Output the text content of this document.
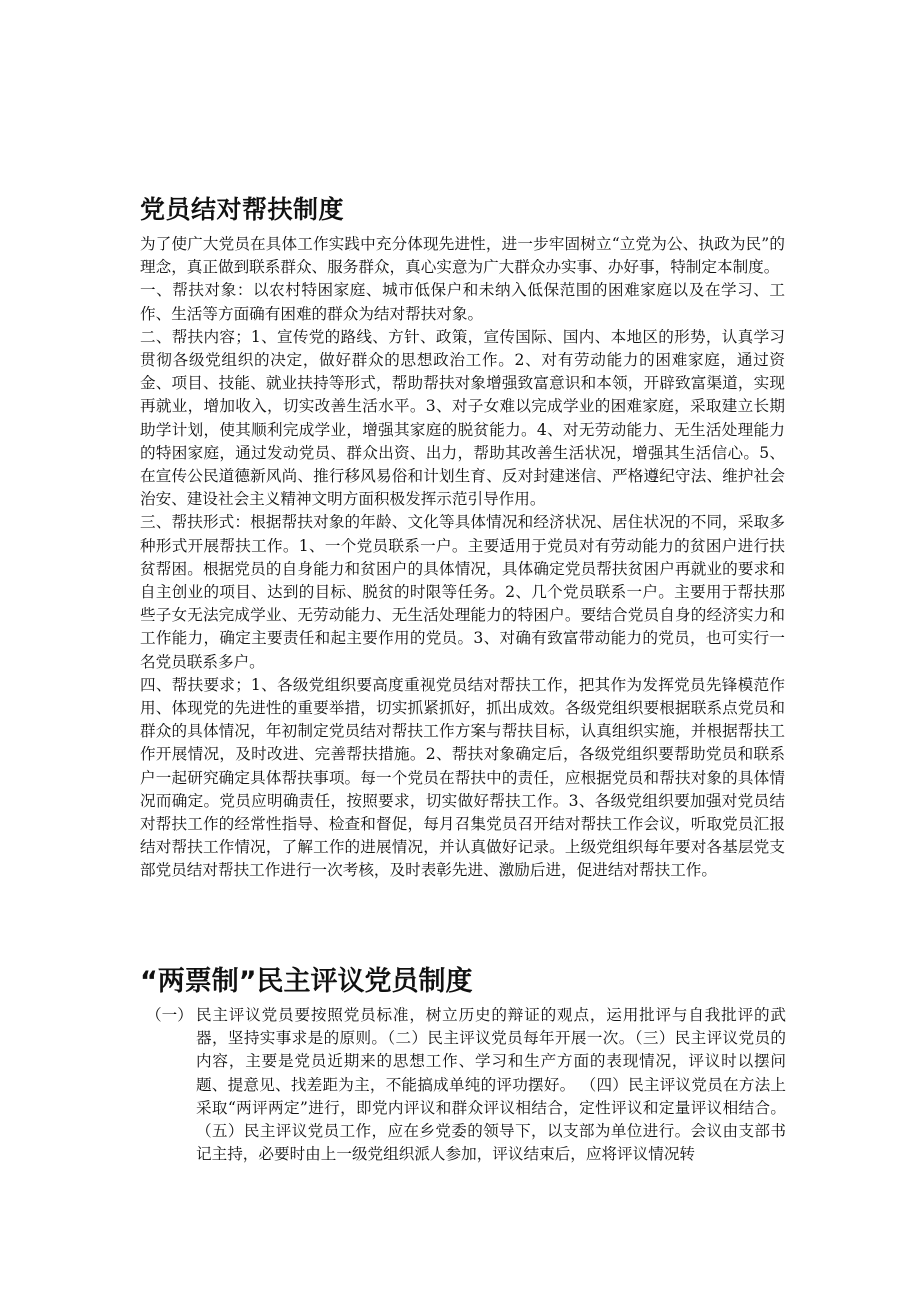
党员结对帮扶制度

为了使广大党员在具体工作实践中充分体现先进性，进一步牢固树立“立党为公、执政为民”的理念，真正做到联系群众、服务群众，真心实意为广大群众办实事、办好事，特制定本制度。

一、帮扶对象：以农村特困家庭、城市低保户和未纳入低保范围的困难家庭以及在学习、工作、生活等方面确有困难的群众为结对帮扶对象。

二、帮扶内容；1、宣传党的路线、方针、政策，宣传国际、国内、本地区的形势，认真学习贯彻各级党组织的决定，做好群众的思想政治工作。2、对有劳动能力的困难家庭，通过资金、项目、技能、就业扶持等形式，帮助帮扶对象增强致富意识和本领，开辟致富渠道，实现再就业，增加收入，切实改善生活水平。3、对子女难以完成学业的困难家庭，采取建立长期助学计划，使其顺利完成学业，增强其家庭的脱贫能力。4、对无劳动能力、无生活处理能力的特困家庭，通过发动党员、群众出资、出力，帮助其改善生活状况，增强其生活信心。5、在宣传公民道德新风尚、推行移风易俗和计划生育、反对封建迷信、严格遵纪守法、维护社会治安、建设社会主义精神文明方面积极发挥示范引导作用。

三、帮扶形式：根据帮扶对象的年龄、文化等具体情况和经济状况、居住状况的不同，采取多种形式开展帮扶工作。1、一个党员联系一户。主要适用于党员对有劳动能力的贫困户进行扶贫帮困。根据党员的自身能力和贫困户的具体情况，具体确定党员帮扶贫困户再就业的要求和自主创业的项目、达到的目标、脱贫的时限等任务。2、几个党员联系一户。主要用于帮扶那些子女无法完成学业、无劳动能力、无生活处理能力的特困户。要结合党员自身的经济实力和工作能力，确定主要责任和起主要作用的党员。3、对确有致富带动能力的党员，也可实行一名党员联系多户。

四、帮扶要求；1、各级党组织要高度重视党员结对帮扶工作，把其作为发挥党员先锋模范作用、体现党的先进性的重要举措，切实抓紧抓好，抓出成效。各级党组织要根据联系点党员和群众的具体情况，年初制定党员结对帮扶工作方案与帮扶目标，认真组织实施，并根据帮扶工作开展情况，及时改进、完善帮扶措施。2、帮扶对象确定后，各级党组织要帮助党员和联系户一起研究确定具体帮扶事项。每一个党员在帮扶中的责任，应根据党员和帮扶对象的具体情况而确定。党员应明确责任，按照要求，切实做好帮扶工作。3、各级党组织要加强对党员结对帮扶工作的经常性指导、检查和督促，每月召集党员召开结对帮扶工作会议，听取党员汇报结对帮扶工作情况，了解工作的进展情况，并认真做好记录。上级党组织每年要对各基层党支部党员结对帮扶工作进行一次考核，及时表彰先进、激励后进，促进结对帮扶工作。

“两票制”民主评议党员制度
（一） 民主评议党员要按照党员标准，树立历史的辩证的观点，运用批评与自我批评的武器，坚持实事求是的原则。（二）民主评议党员每年开展一次。（三）民主评议党员的内容，主要是党员近期来的思想工作、学习和生产方面的表现情况，评议时以摆问题、提意见、找差距为主，不能搞成单纯的评功摆好。 （四）民主评议党员在方法上采取“两评两定”进行，即党内评议和群众评议相结合，定性评议和定量评议相结合。（五）民主评议党员工作，应在乡党委的领导下，以支部为单位进行。会议由支部书记主持，必要时由上一级党组织派人参加，评议结束后，应将评议情况转
